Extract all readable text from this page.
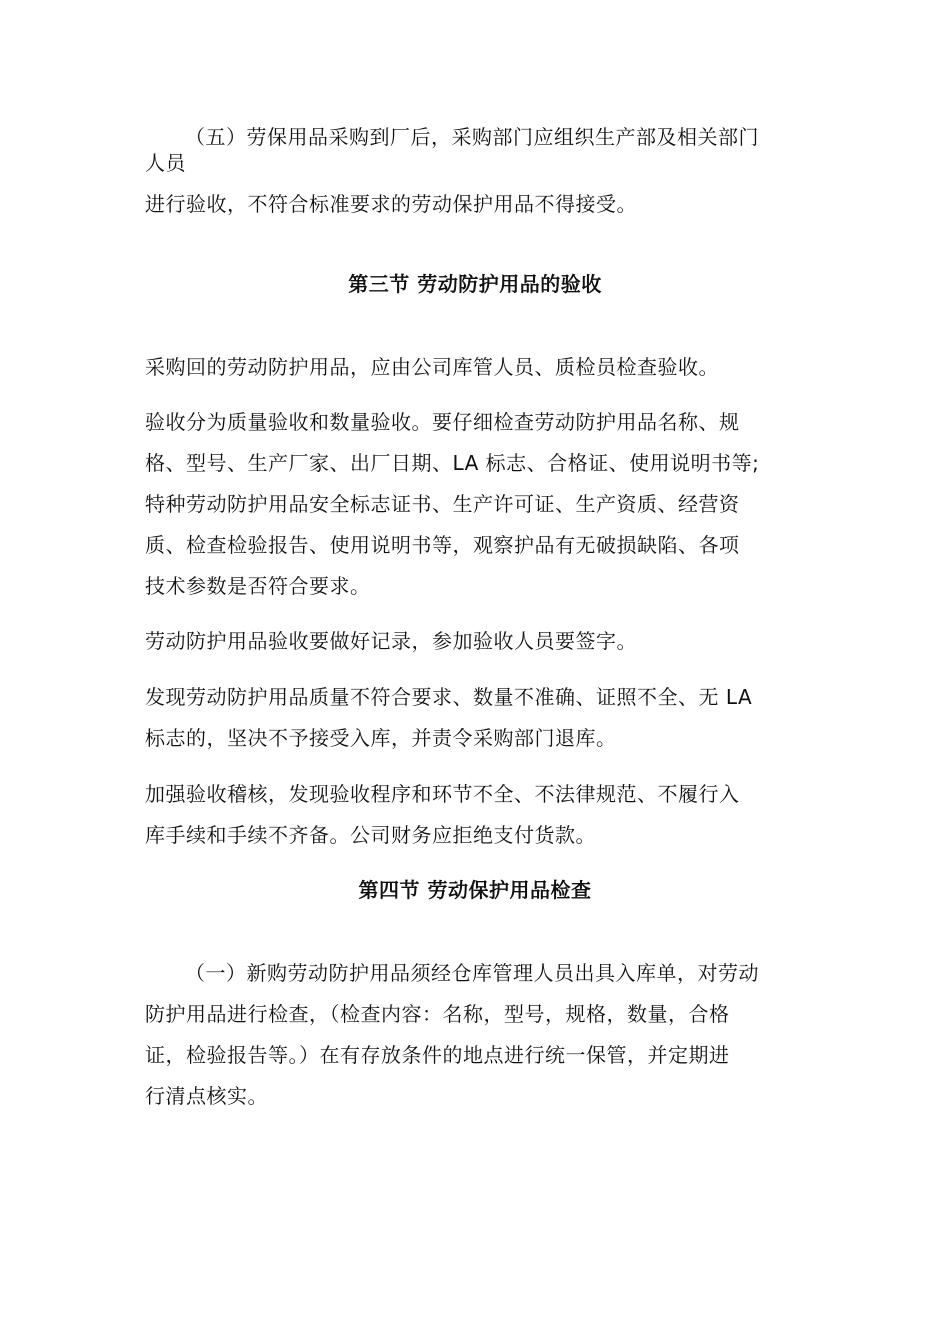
（五）劳保用品采购到厂后，采购部门应组织生产部及相关部门
人员
进行验收，不符合标准要求的劳动保护用品不得接受。
第三节 劳动防护用品的验收
采购回的劳动防护用品，应由公司库管人员、质检员检查验收。
验收分为质量验收和数量验收。要仔细检查劳动防护用品名称、规
格、型号、生产厂家、出厂日期、LA 标志、合格证、使用说明书等;
特种劳动防护用品安全标志证书、生产许可证、生产资质、经营资
质、检查检验报告、使用说明书等，观察护品有无破损缺陷、各项
技术参数是否符合要求。
劳动防护用品验收要做好记录，参加验收人员要签字。
发现劳动防护用品质量不符合要求、数量不准确、证照不全、无 LA
标志的，坚决不予接受入库，并责令采购部门退库。
加强验收稽核，发现验收程序和环节不全、不法律规范、不履行入
库手续和手续不齐备。公司财务应拒绝支付货款。
第四节 劳动保护用品检查
（一）新购劳动防护用品须经仓库管理人员出具入库单，对劳动
防护用品进行检查，（检查内容：名称，型号，规格，数量，合格
证，检验报告等。）在有存放条件的地点进行统一保管，并定期进
行清点核实。
